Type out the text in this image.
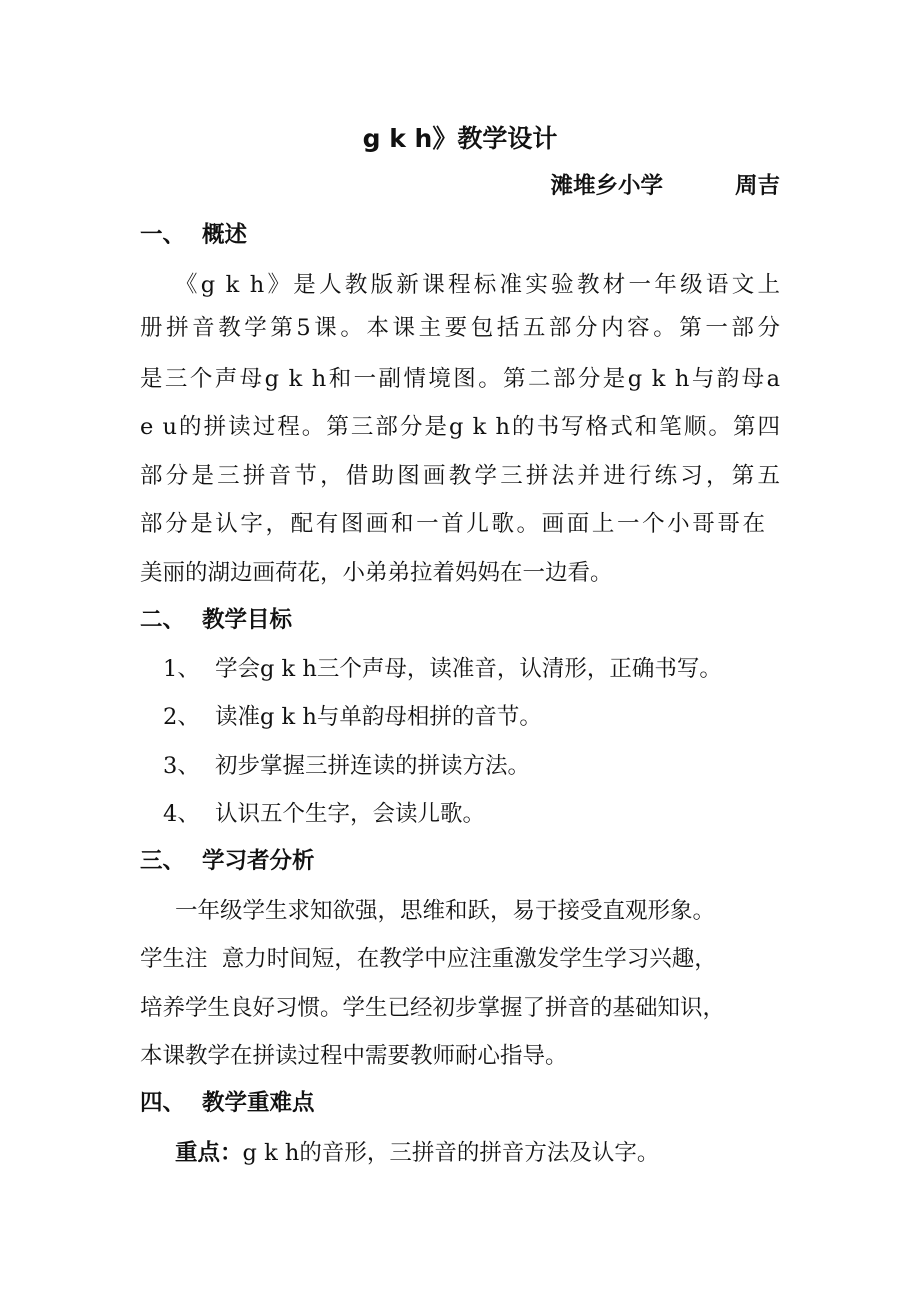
g k h》教学设计
滩堆乡小学	周吉
一、 概述
《g k h》是人教版新课程标准实验教材一年级语文上
册拼音教学第5课。本课主要包括五部分内容。第一部分
是三个声母g k h和一副情境图。第二部分是g k h与韵母a
e u的拼读过程。第三部分是g k h的书写格式和笔顺。第四
部分是三拼音节，借助图画教学三拼法并进行练习，第五
部分是认字，配有图画和一首儿歌。画面上一个小哥哥在
美丽的湖边画荷花，小弟弟拉着妈妈在一边看。
二、 教学目标
1、 学会g k h三个声母，读准音，认清形，正确书写。
2、 读准g k h与单韵母相拼的音节。
3、 初步掌握三拼连读的拼读方法。
4、 认识五个生字，会读儿歌。
三、 学习者分析
一年级学生求知欲强，思维和跃，易于接受直观形象。
学生注  意力时间短，在教学中应注重激发学生学习兴趣，
培养学生良好习惯。学生已经初步掌握了拼音的基础知识，
本课教学在拼读过程中需要教师耐心指导。
四、 教学重难点
重点：g k h的音形，三拼音的拼音方法及认字。
